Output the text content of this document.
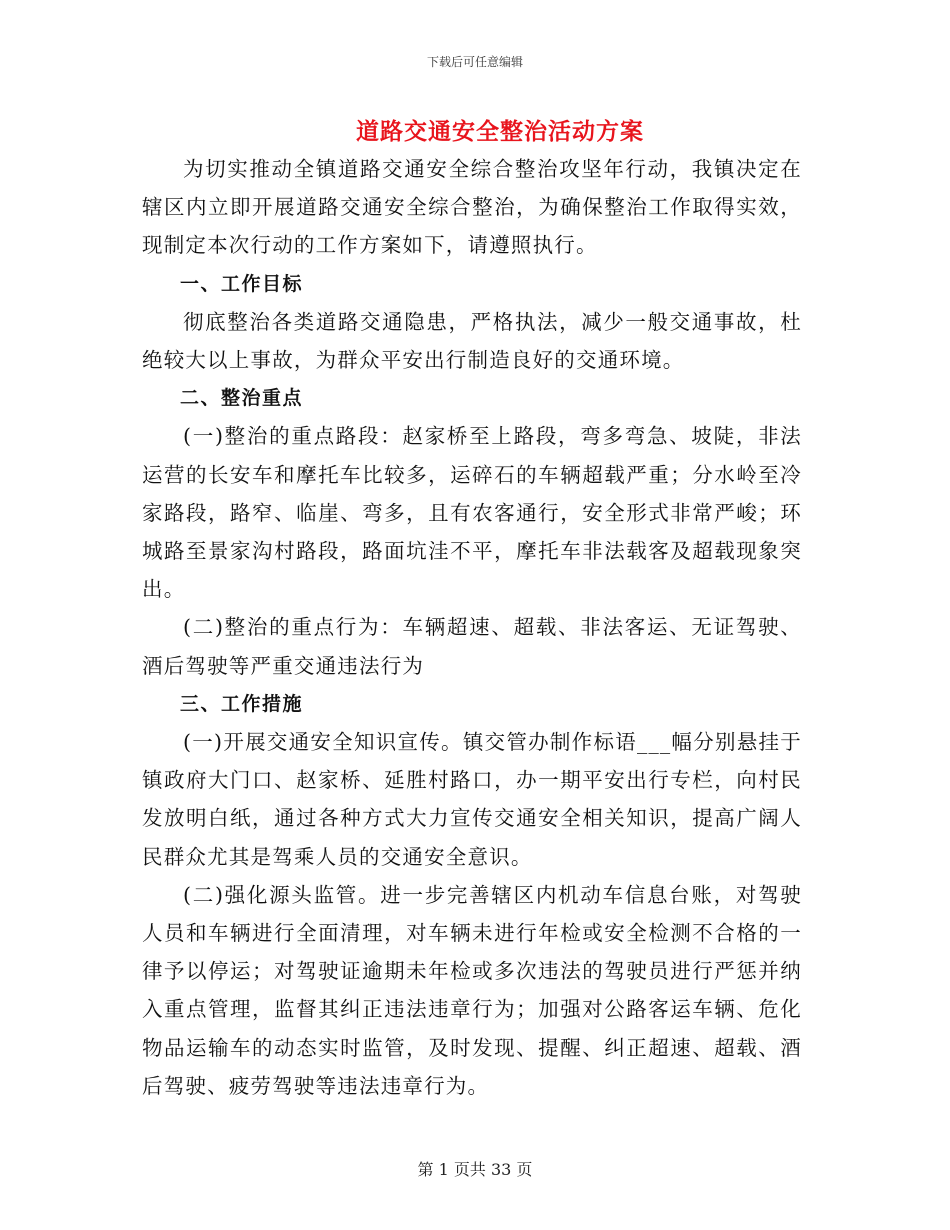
下载后可任意编辑
道路交通安全整治活动方案

为切实推动全镇道路交通安全综合整治攻坚年行动，我镇决定在辖区内立即开展道路交通安全综合整治，为确保整治工作取得实效，现制定本次行动的工作方案如下，请遵照执行。

一、工作目标

彻底整治各类道路交通隐患，严格执法，减少一般交通事故，杜绝较大以上事故，为群众平安出行制造良好的交通环境。

二、整治重点

(一)整治的重点路段：赵家桥至上路段，弯多弯急、坡陡，非法运营的长安车和摩托车比较多，运碎石的车辆超载严重；分水岭至冷家路段，路窄、临崖、弯多，且有农客通行，安全形式非常严峻；环城路至景家沟村路段，路面坑洼不平，摩托车非法载客及超载现象突出。

(二)整治的重点行为：车辆超速、超载、非法客运、无证驾驶、酒后驾驶等严重交通违法行为

三、工作措施

(一)开展交通安全知识宣传。镇交管办制作标语___幅分别悬挂于镇政府大门口、赵家桥、延胜村路口，办一期平安出行专栏，向村民发放明白纸，通过各种方式大力宣传交通安全相关知识，提高广阔人民群众尤其是驾乘人员的交通安全意识。

(二)强化源头监管。进一步完善辖区内机动车信息台账，对驾驶人员和车辆进行全面清理，对车辆未进行年检或安全检测不合格的一律予以停运；对驾驶证逾期未年检或多次违法的驾驶员进行严惩并纳入重点管理，监督其纠正违法违章行为；加强对公路客运车辆、危化物品运输车的动态实时监管，及时发现、提醒、纠正超速、超载、酒后驾驶、疲劳驾驶等违法违章行为。

第 1 页共 33 页
